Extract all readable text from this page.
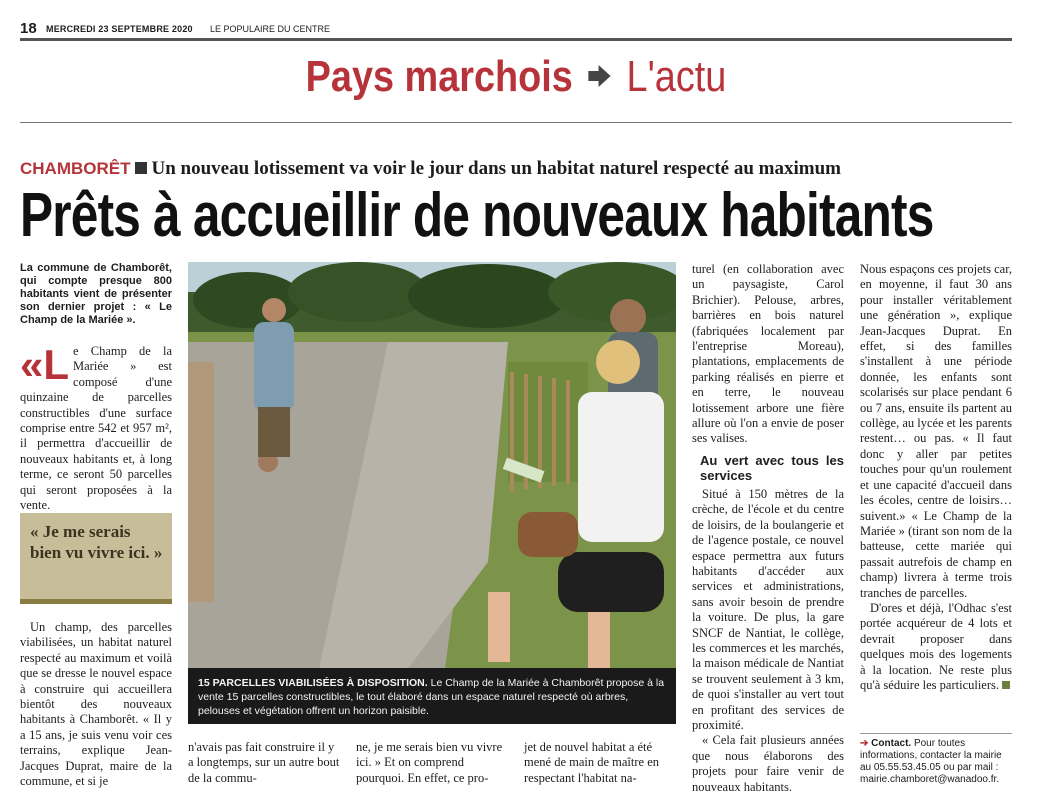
18 MERCREDI 23 SEPTEMBRE 2020 LE POPULAIRE DU CENTRE
Pays marchois L'actu
CHAMBORÊT Un nouveau lotissement va voir le jour dans un habitat naturel respecté au maximum
Prêts à accueillir de nouveaux habitants
La commune de Chamborêt, qui compte presque 800 habitants vient de présenter son dernier projet : « Le Champ de la Mariée ».
«L e Champ de la Mariée » est composé d'une quinzaine de parcelles constructibles d'une surface comprise entre 542 et 957 m², il permettra d'accueillir de nouveaux habitants et, à long terme, ce seront 50 parcelles qui seront proposées à la vente.

« Je me serais bien vu vivre ici. »

Un champ, des parcelles viabilisées, un habitat naturel respecté au maximum et voilà que se dresse le nouvel espace à construire qui accueillera bientôt des nouveaux habitants à Chamborêt. « Il y a 15 ans, je suis venu voir ces terrains, explique Jean-Jacques Duprat, maire de la commune, et si je

15 PARCELLES VIABILISÉES À DISPOSITION. Le Champ de la Mariée à Chamborêt propose à la vente 15 parcelles constructibles, le tout élaboré dans un espace naturel respecté où arbres, pelouses et végétation offrent un horizon paisible.

n'avais pas fait construire il y a longtemps, sur un autre bout de la commu-

ne, je me serais bien vu vivre ici. » Et on comprend pourquoi. En effet, ce pro-

jet de nouvel habitat a été mené de main de maître en respectant l'habitat na-

turel (en collaboration avec un paysagiste, Carol Brichier). Pelouse, arbres, barrières en bois naturel (fabriquées localement par l'entreprise Moreau), plantations, emplacements de parking réalisés en pierre et en terre, le nouveau lotissement arbore une fière allure où l'on a envie de poser ses valises.

Au vert avec tous les services

Situé à 150 mètres de la crèche, de l'école et du centre de loisirs, de la boulangerie et de l'agence postale, ce nouvel espace permettra aux futurs habitants d'accéder aux services et administrations, sans avoir besoin de prendre la voiture. De plus, la gare SNCF de Nantiat, le collège, les commerces et les marchés, la maison médicale de Nantiat se trouvent seulement à 3 km, de quoi s'installer au vert tout en profitant des services de proximité.

« Cela fait plusieurs années que nous élaborons des projets pour faire venir de nouveaux habitants.

Nous espaçons ces projets car, en moyenne, il faut 30 ans pour installer véritablement une génération », explique Jean-Jacques Duprat. En effet, si des familles s'installent à une période donnée, les enfants sont scolarisés sur place pendant 6 ou 7 ans, ensuite ils partent au collège, au lycée et les parents restent… ou pas. « Il faut donc y aller par petites touches pour qu'un roulement et une capacité d'accueil dans les écoles, centre de loisirs… suivent.» « Le Champ de la Mariée » (tirant son nom de la batteuse, cette mariée qui passait autrefois de champ en champ) livrera à terme trois tranches de parcelles.

D'ores et déjà, l'Odhac s'est portée acquéreur de 4 lots et devrait proposer dans quelques mois des logements à la location. Ne reste plus qu'à séduire les particuliers.

➔ Contact. Pour toutes informations, contacter la mairie au 05.55.53.45.05 ou par mail : mairie.chamboret@wanadoo.fr.
